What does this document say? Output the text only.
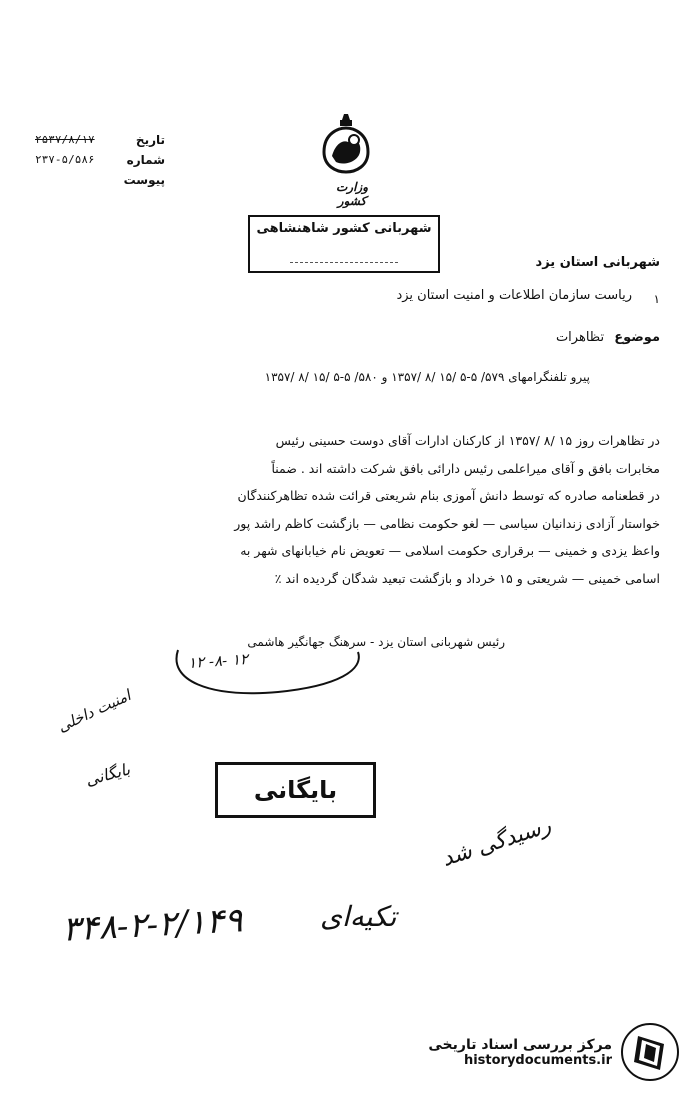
تاریخ
۲۵۳۷/۸/۱۷
شماره
۲۳۷-۵/۵۸۶
پیوست
	وزارت کشور
شهربانی کشور شاهنشاهی
شهربانی استان یزد
۱
ریاست سازمان اطلاعات و امنیت استان یزد
موضوع تظاهرات
پیرو تلفنگرامهای ۵۷۹/ ۵-۵ /۱۵ /۸ /۱۳۵۷ و ۵۸۰/ ۵-۵ /۱۵ /۸ /۱۳۵۷

در تظاهرات روز ۱۵ /۸ /۱۳۵۷ از کارکنان ادارات آقای دوست حسینی رئیس

مخابرات بافق و آقای میراعلمی رئیس دارائی بافق شرکت داشته اند . ضمناً

در قطعنامه صادره که توسط دانش آموزی بنام شریعتی قرائت شده تظاهرکنندگان

خواستار آزادی زندانیان سیاسی — لغو حکومت نظامی — بازگشت کاظم راشد پور

واعظ یزدی و خمینی — برقراری حکومت اسلامی — تعویض نام خیابانهای شهر به

اسامی خمینی — شریعتی و ۱۵ خرداد و بازگشت تبعید شدگان گردیده اند ٪

رئیس شهربانی استان یزد - سرهنگ جهانگیر هاشمی
۱۲ -۸- ۱۲
امنیت داخلی
بایگانی
بایگانی
رسیدگی شد
۳۴۸-۲-۲/۱۴۹	تکیه‌ای
مرکز بررسی اسناد تاریخی
historydocuments.ir
